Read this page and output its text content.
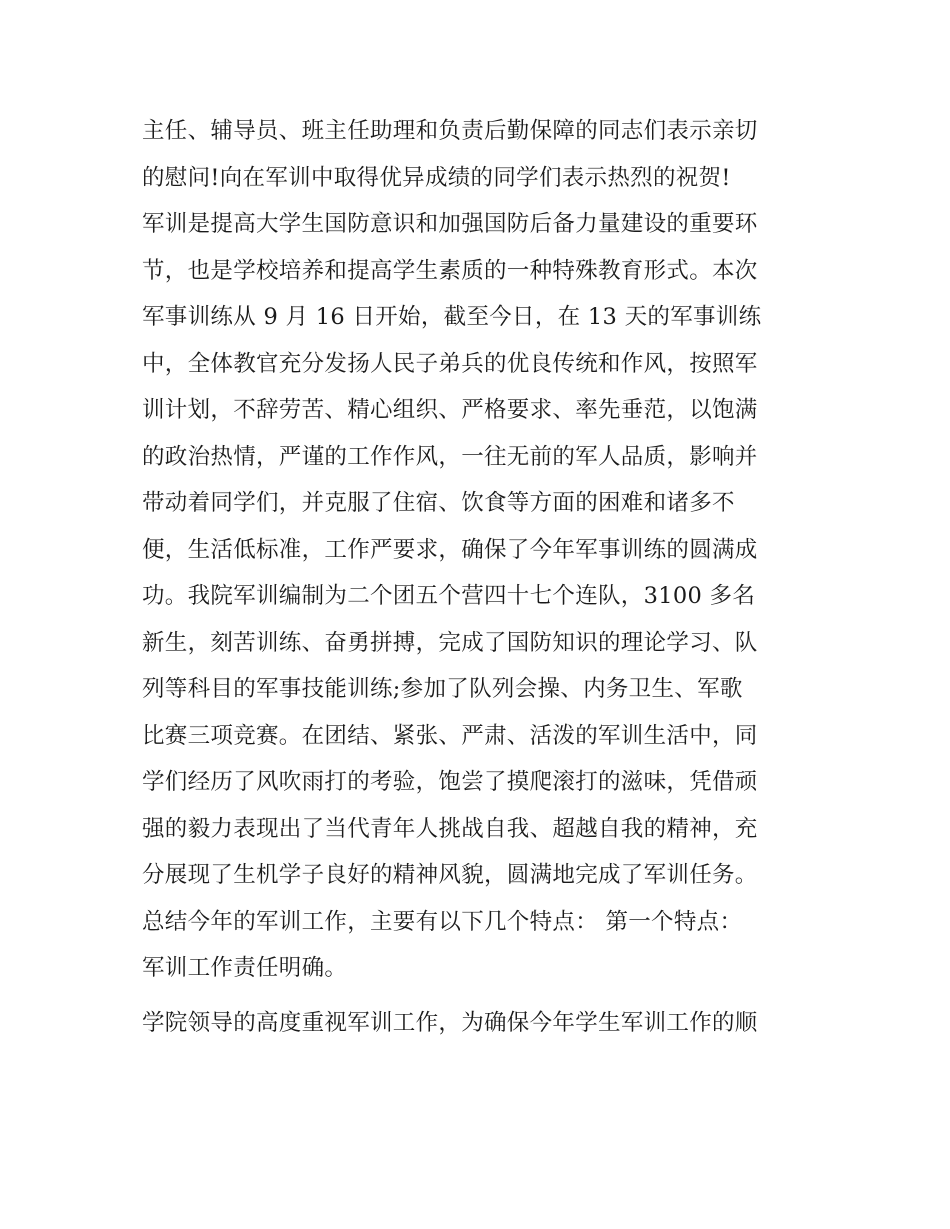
主任、辅导员、班主任助理和负责后勤保障的同志们表示亲切
的慰问!向在军训中取得优异成绩的同学们表示热烈的祝贺!
军训是提高大学生国防意识和加强国防后备力量建设的重要环
节，也是学校培养和提高学生素质的一种特殊教育形式。本次
军事训练从 9 月 16 日开始，截至今日，在 13 天的军事训练
中，全体教官充分发扬人民子弟兵的优良传统和作风，按照军
训计划，不辞劳苦、精心组织、严格要求、率先垂范，以饱满
的政治热情，严谨的工作作风，一往无前的军人品质，影响并
带动着同学们，并克服了住宿、饮食等方面的困难和诸多不
便，生活低标准，工作严要求，确保了今年军事训练的圆满成
功。我院军训编制为二个团五个营四十七个连队，3100 多名
新生，刻苦训练、奋勇拼搏，完成了国防知识的理论学习、队
列等科目的军事技能训练;参加了队列会操、内务卫生、军歌
比赛三项竞赛。在团结、紧张、严肃、活泼的军训生活中，同
学们经历了风吹雨打的考验，饱尝了摸爬滚打的滋味，凭借顽
强的毅力表现出了当代青年人挑战自我、超越自我的精神，充
分展现了生机学子良好的精神风貌，圆满地完成了军训任务。
总结今年的军训工作，主要有以下几个特点： 第一个特点：
军训工作责任明确。
学院领导的高度重视军训工作，为确保今年学生军训工作的顺
